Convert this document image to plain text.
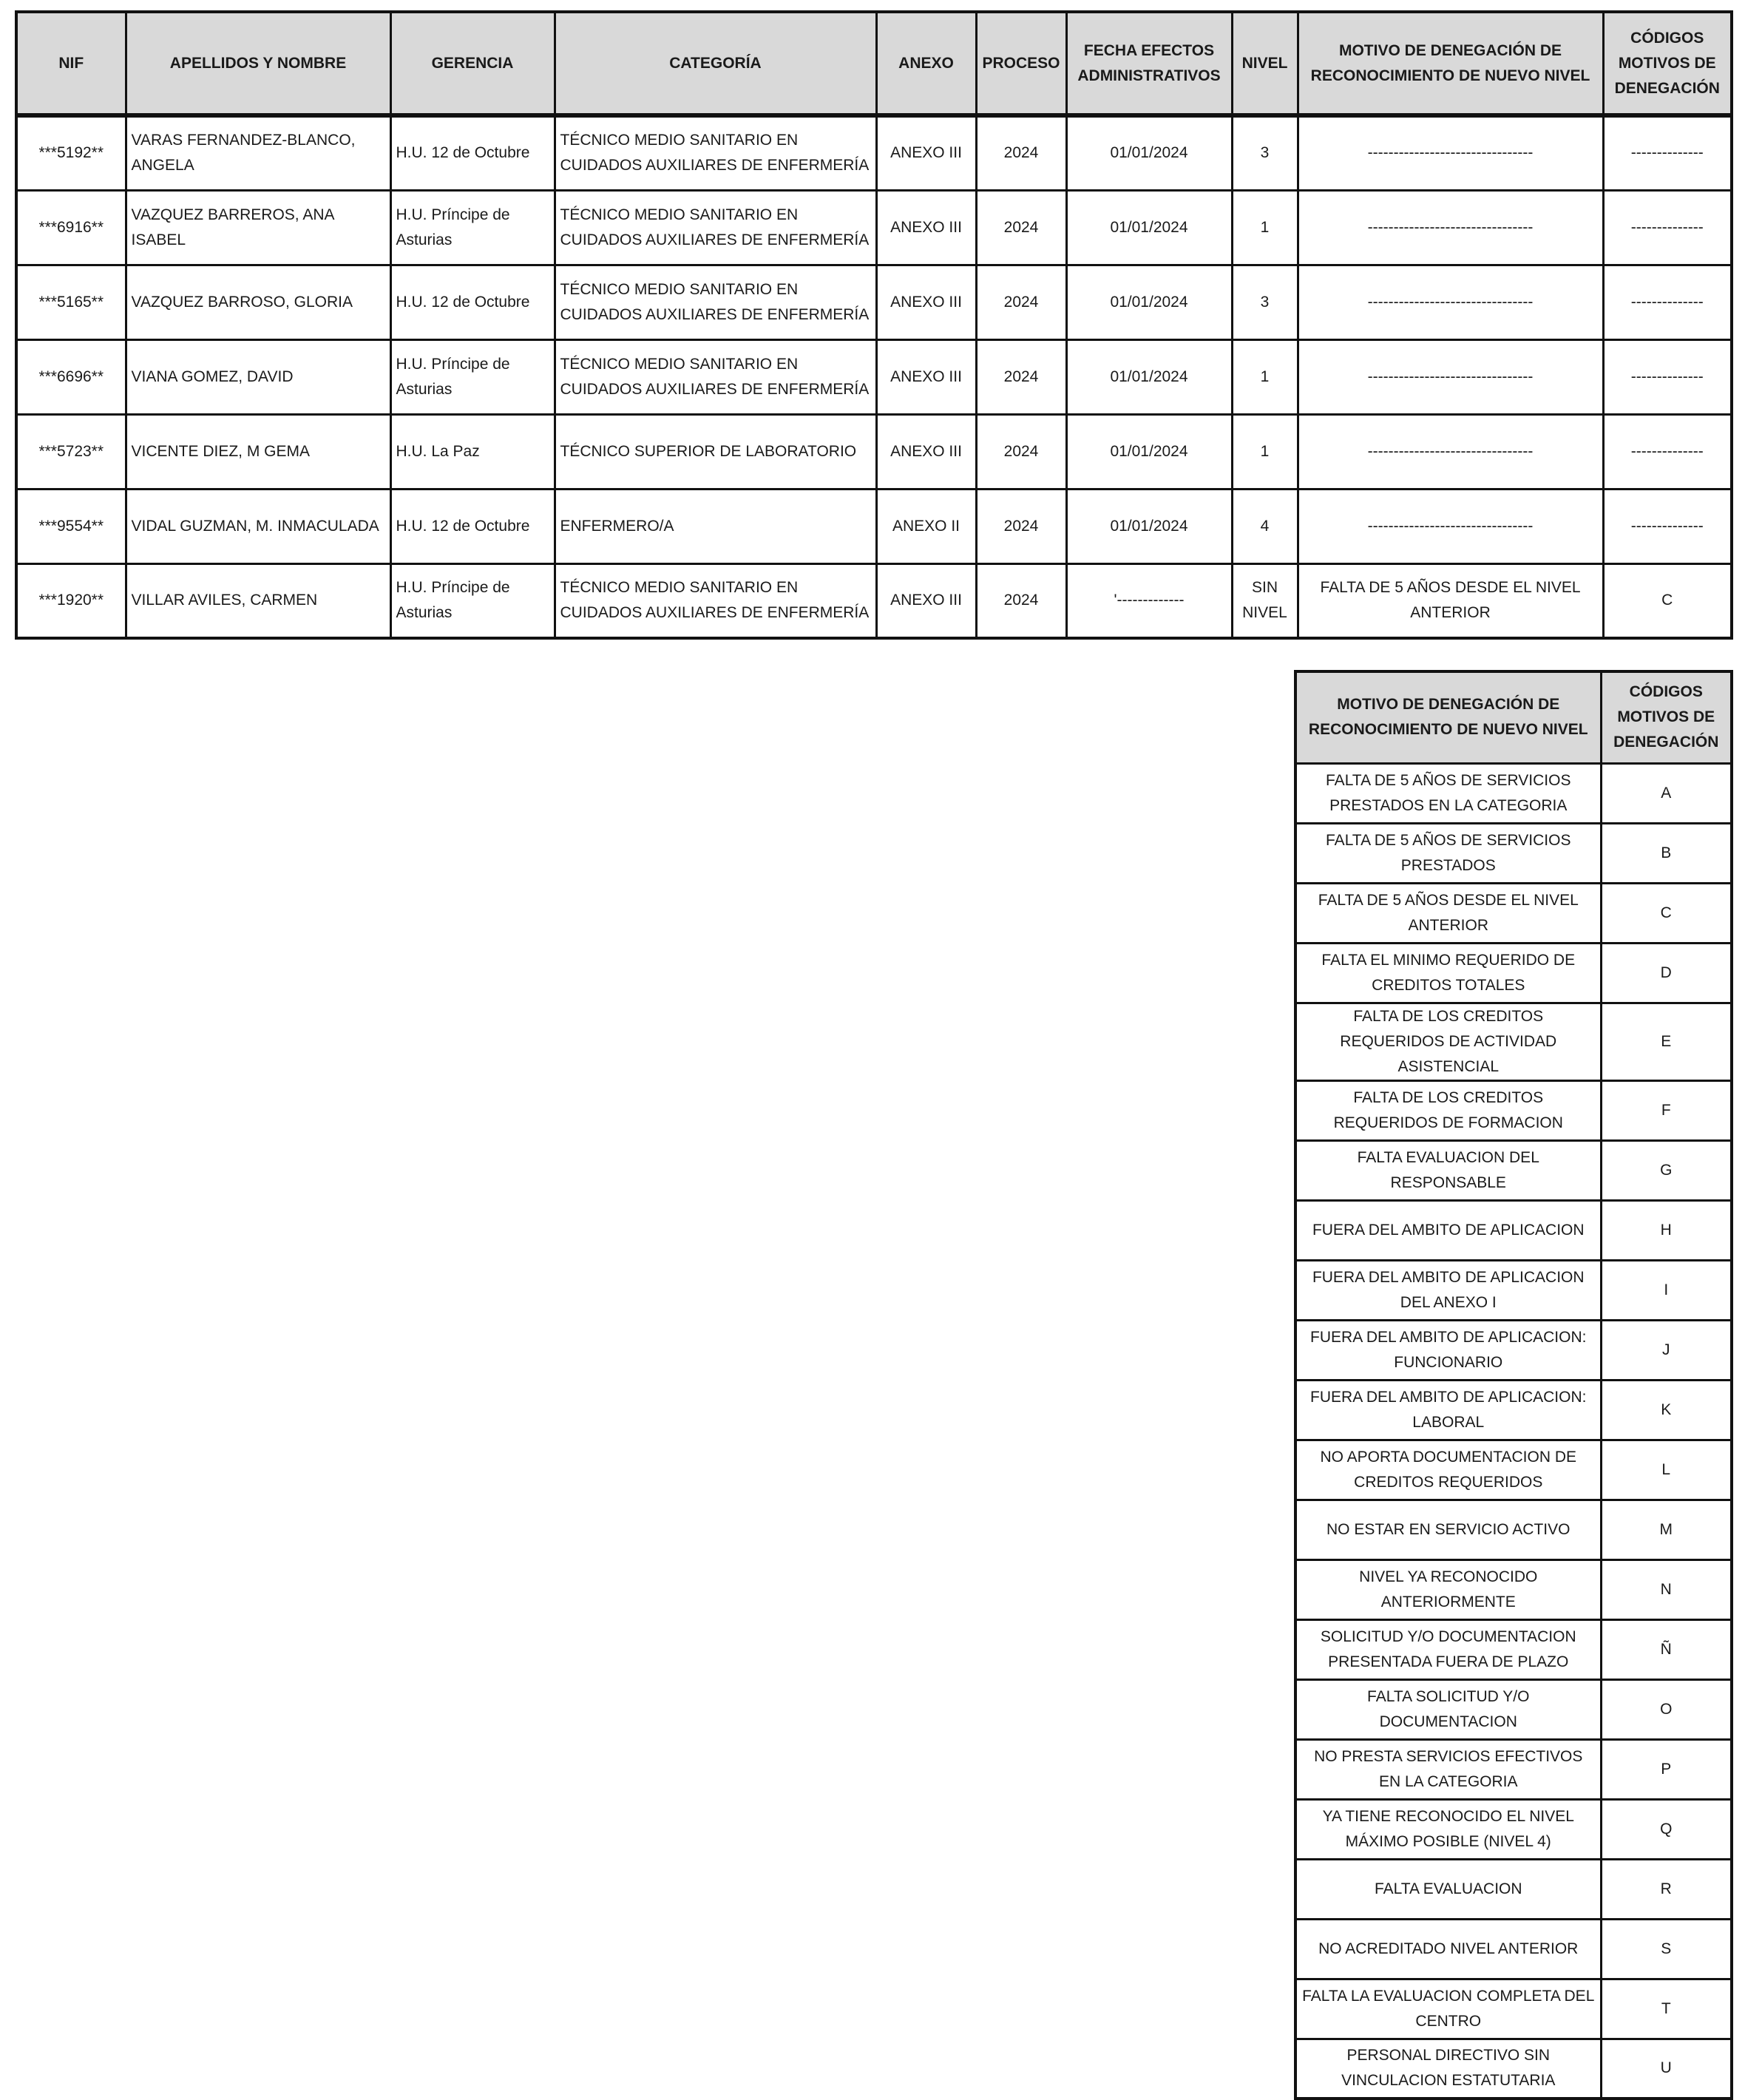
NIF	APELLIDOS Y NOMBRE	GERENCIA	CATEGORÍA	ANEXO	PROCESO	FECHA EFECTOS ADMINISTRATIVOS	NIVEL	MOTIVO DE DENEGACIÓN DE RECONOCIMIENTO DE NUEVO NIVEL	CÓDIGOS MOTIVOS DE DENEGACIÓN
***5192**	VARAS FERNANDEZ-BLANCO, ANGELA	H.U. 12 de Octubre	TÉCNICO MEDIO SANITARIO EN CUIDADOS AUXILIARES DE ENFERMERÍA	ANEXO III	2024	01/01/2024	3	--------------------------------	--------------
***6916**	VAZQUEZ BARREROS, ANA ISABEL	H.U. Príncipe de Asturias	TÉCNICO MEDIO SANITARIO EN CUIDADOS AUXILIARES DE ENFERMERÍA	ANEXO III	2024	01/01/2024	1	--------------------------------	--------------
***5165**	VAZQUEZ BARROSO, GLORIA	H.U. 12 de Octubre	TÉCNICO MEDIO SANITARIO EN CUIDADOS AUXILIARES DE ENFERMERÍA	ANEXO III	2024	01/01/2024	3	--------------------------------	--------------
***6696**	VIANA GOMEZ, DAVID	H.U. Príncipe de Asturias	TÉCNICO MEDIO SANITARIO EN CUIDADOS AUXILIARES DE ENFERMERÍA	ANEXO III	2024	01/01/2024	1	--------------------------------	--------------
***5723**	VICENTE DIEZ, M GEMA	H.U. La Paz	TÉCNICO SUPERIOR DE LABORATORIO	ANEXO III	2024	01/01/2024	1	--------------------------------	--------------
***9554**	VIDAL GUZMAN, M. INMACULADA	H.U. 12 de Octubre	ENFERMERO/A	ANEXO II	2024	01/01/2024	4	--------------------------------	--------------
***1920**	VILLAR AVILES, CARMEN	H.U. Príncipe de Asturias	TÉCNICO MEDIO SANITARIO EN CUIDADOS AUXILIARES DE ENFERMERÍA	ANEXO III	2024	'-------------	SIN NIVEL	FALTA DE 5 AÑOS DESDE EL NIVEL ANTERIOR	C
MOTIVO DE DENEGACIÓN DE RECONOCIMIENTO DE NUEVO NIVEL	CÓDIGOS MOTIVOS DE DENEGACIÓN
FALTA DE 5 AÑOS DE SERVICIOS PRESTADOS EN LA CATEGORIA	A
FALTA DE 5 AÑOS DE SERVICIOS PRESTADOS	B
FALTA DE 5 AÑOS DESDE EL NIVEL ANTERIOR	C
FALTA EL MINIMO REQUERIDO DE CREDITOS TOTALES	D
FALTA DE LOS CREDITOS REQUERIDOS DE ACTIVIDAD ASISTENCIAL	E
FALTA DE LOS CREDITOS REQUERIDOS DE FORMACION	F
FALTA EVALUACION DEL RESPONSABLE	G
FUERA DEL AMBITO DE APLICACION	H
FUERA DEL AMBITO DE APLICACION DEL ANEXO I	I
FUERA DEL AMBITO DE APLICACION: FUNCIONARIO	J
FUERA DEL AMBITO DE APLICACION: LABORAL	K
NO APORTA DOCUMENTACION DE CREDITOS REQUERIDOS	L
NO ESTAR EN SERVICIO ACTIVO	M
NIVEL YA RECONOCIDO ANTERIORMENTE	N
SOLICITUD Y/O DOCUMENTACION PRESENTADA FUERA DE PLAZO	Ñ
FALTA SOLICITUD Y/O DOCUMENTACION	O
NO PRESTA SERVICIOS EFECTIVOS EN LA CATEGORIA	P
YA TIENE RECONOCIDO EL NIVEL MÁXIMO POSIBLE (NIVEL 4)	Q
FALTA EVALUACION	R
NO ACREDITADO NIVEL ANTERIOR	S
FALTA LA EVALUACION COMPLETA DEL CENTRO	T
PERSONAL DIRECTIVO SIN VINCULACION ESTATUTARIA	U
